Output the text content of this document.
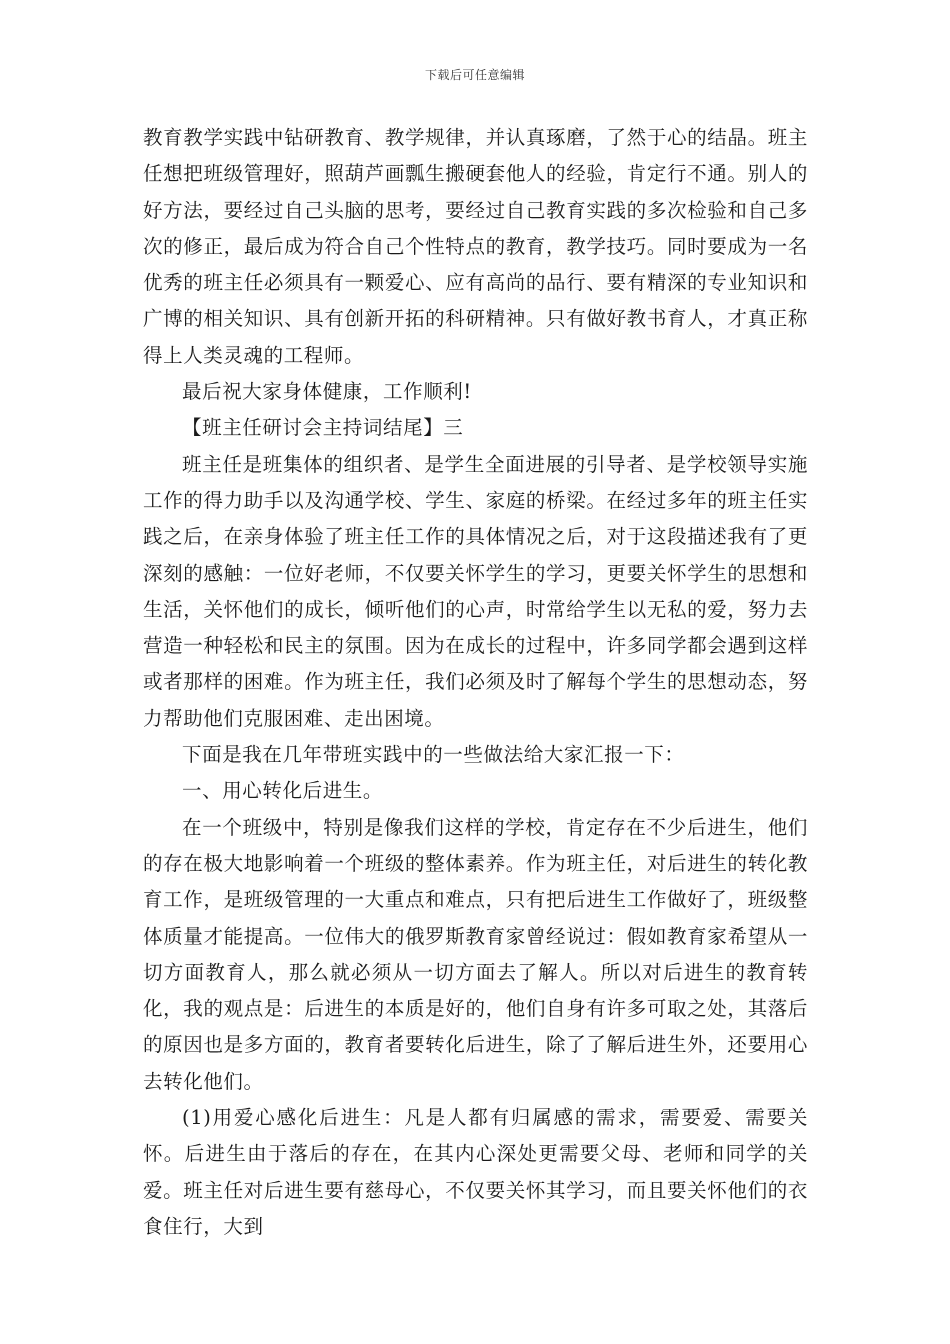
下载后可任意编辑

教育教学实践中钻研教育、教学规律，并认真琢磨，了然于心的结晶。班主任想把班级管理好，照葫芦画瓢生搬硬套他人的经验，肯定行不通。别人的好方法，要经过自己头脑的思考，要经过自己教育实践的多次检验和自己多次的修正，最后成为符合自己个性特点的教育，教学技巧。同时要成为一名优秀的班主任必须具有一颗爱心、应有高尚的品行、要有精深的专业知识和广博的相关知识、具有创新开拓的科研精神。只有做好教书育人，才真正称得上人类灵魂的工程师。

最后祝大家身体健康，工作顺利!

【班主任研讨会主持词结尾】三

班主任是班集体的组织者、是学生全面进展的引导者、是学校领导实施工作的得力助手以及沟通学校、学生、家庭的桥梁。在经过多年的班主任实践之后，在亲身体验了班主任工作的具体情况之后，对于这段描述我有了更深刻的感触：一位好老师，不仅要关怀学生的学习，更要关怀学生的思想和生活，关怀他们的成长，倾听他们的心声，时常给学生以无私的爱，努力去营造一种轻松和民主的氛围。因为在成长的过程中，许多同学都会遇到这样或者那样的困难。作为班主任，我们必须及时了解每个学生的思想动态，努力帮助他们克服困难、走出困境。

下面是我在几年带班实践中的一些做法给大家汇报一下：

一、用心转化后进生。

在一个班级中，特别是像我们这样的学校，肯定存在不少后进生，他们的存在极大地影响着一个班级的整体素养。作为班主任，对后进生的转化教育工作，是班级管理的一大重点和难点，只有把后进生工作做好了，班级整体质量才能提高。一位伟大的俄罗斯教育家曾经说过：假如教育家希望从一切方面教育人，那么就必须从一切方面去了解人。所以对后进生的教育转化，我的观点是：后进生的本质是好的，他们自身有许多可取之处，其落后的原因也是多方面的，教育者要转化后进生，除了了解后进生外，还要用心去转化他们。

(1)用爱心感化后进生：凡是人都有归属感的需求，需要爱、需要关怀。后进生由于落后的存在，在其内心深处更需要父母、老师和同学的关爱。班主任对后进生要有慈母心，不仅要关怀其学习，而且要关怀他们的衣食住行，大到
